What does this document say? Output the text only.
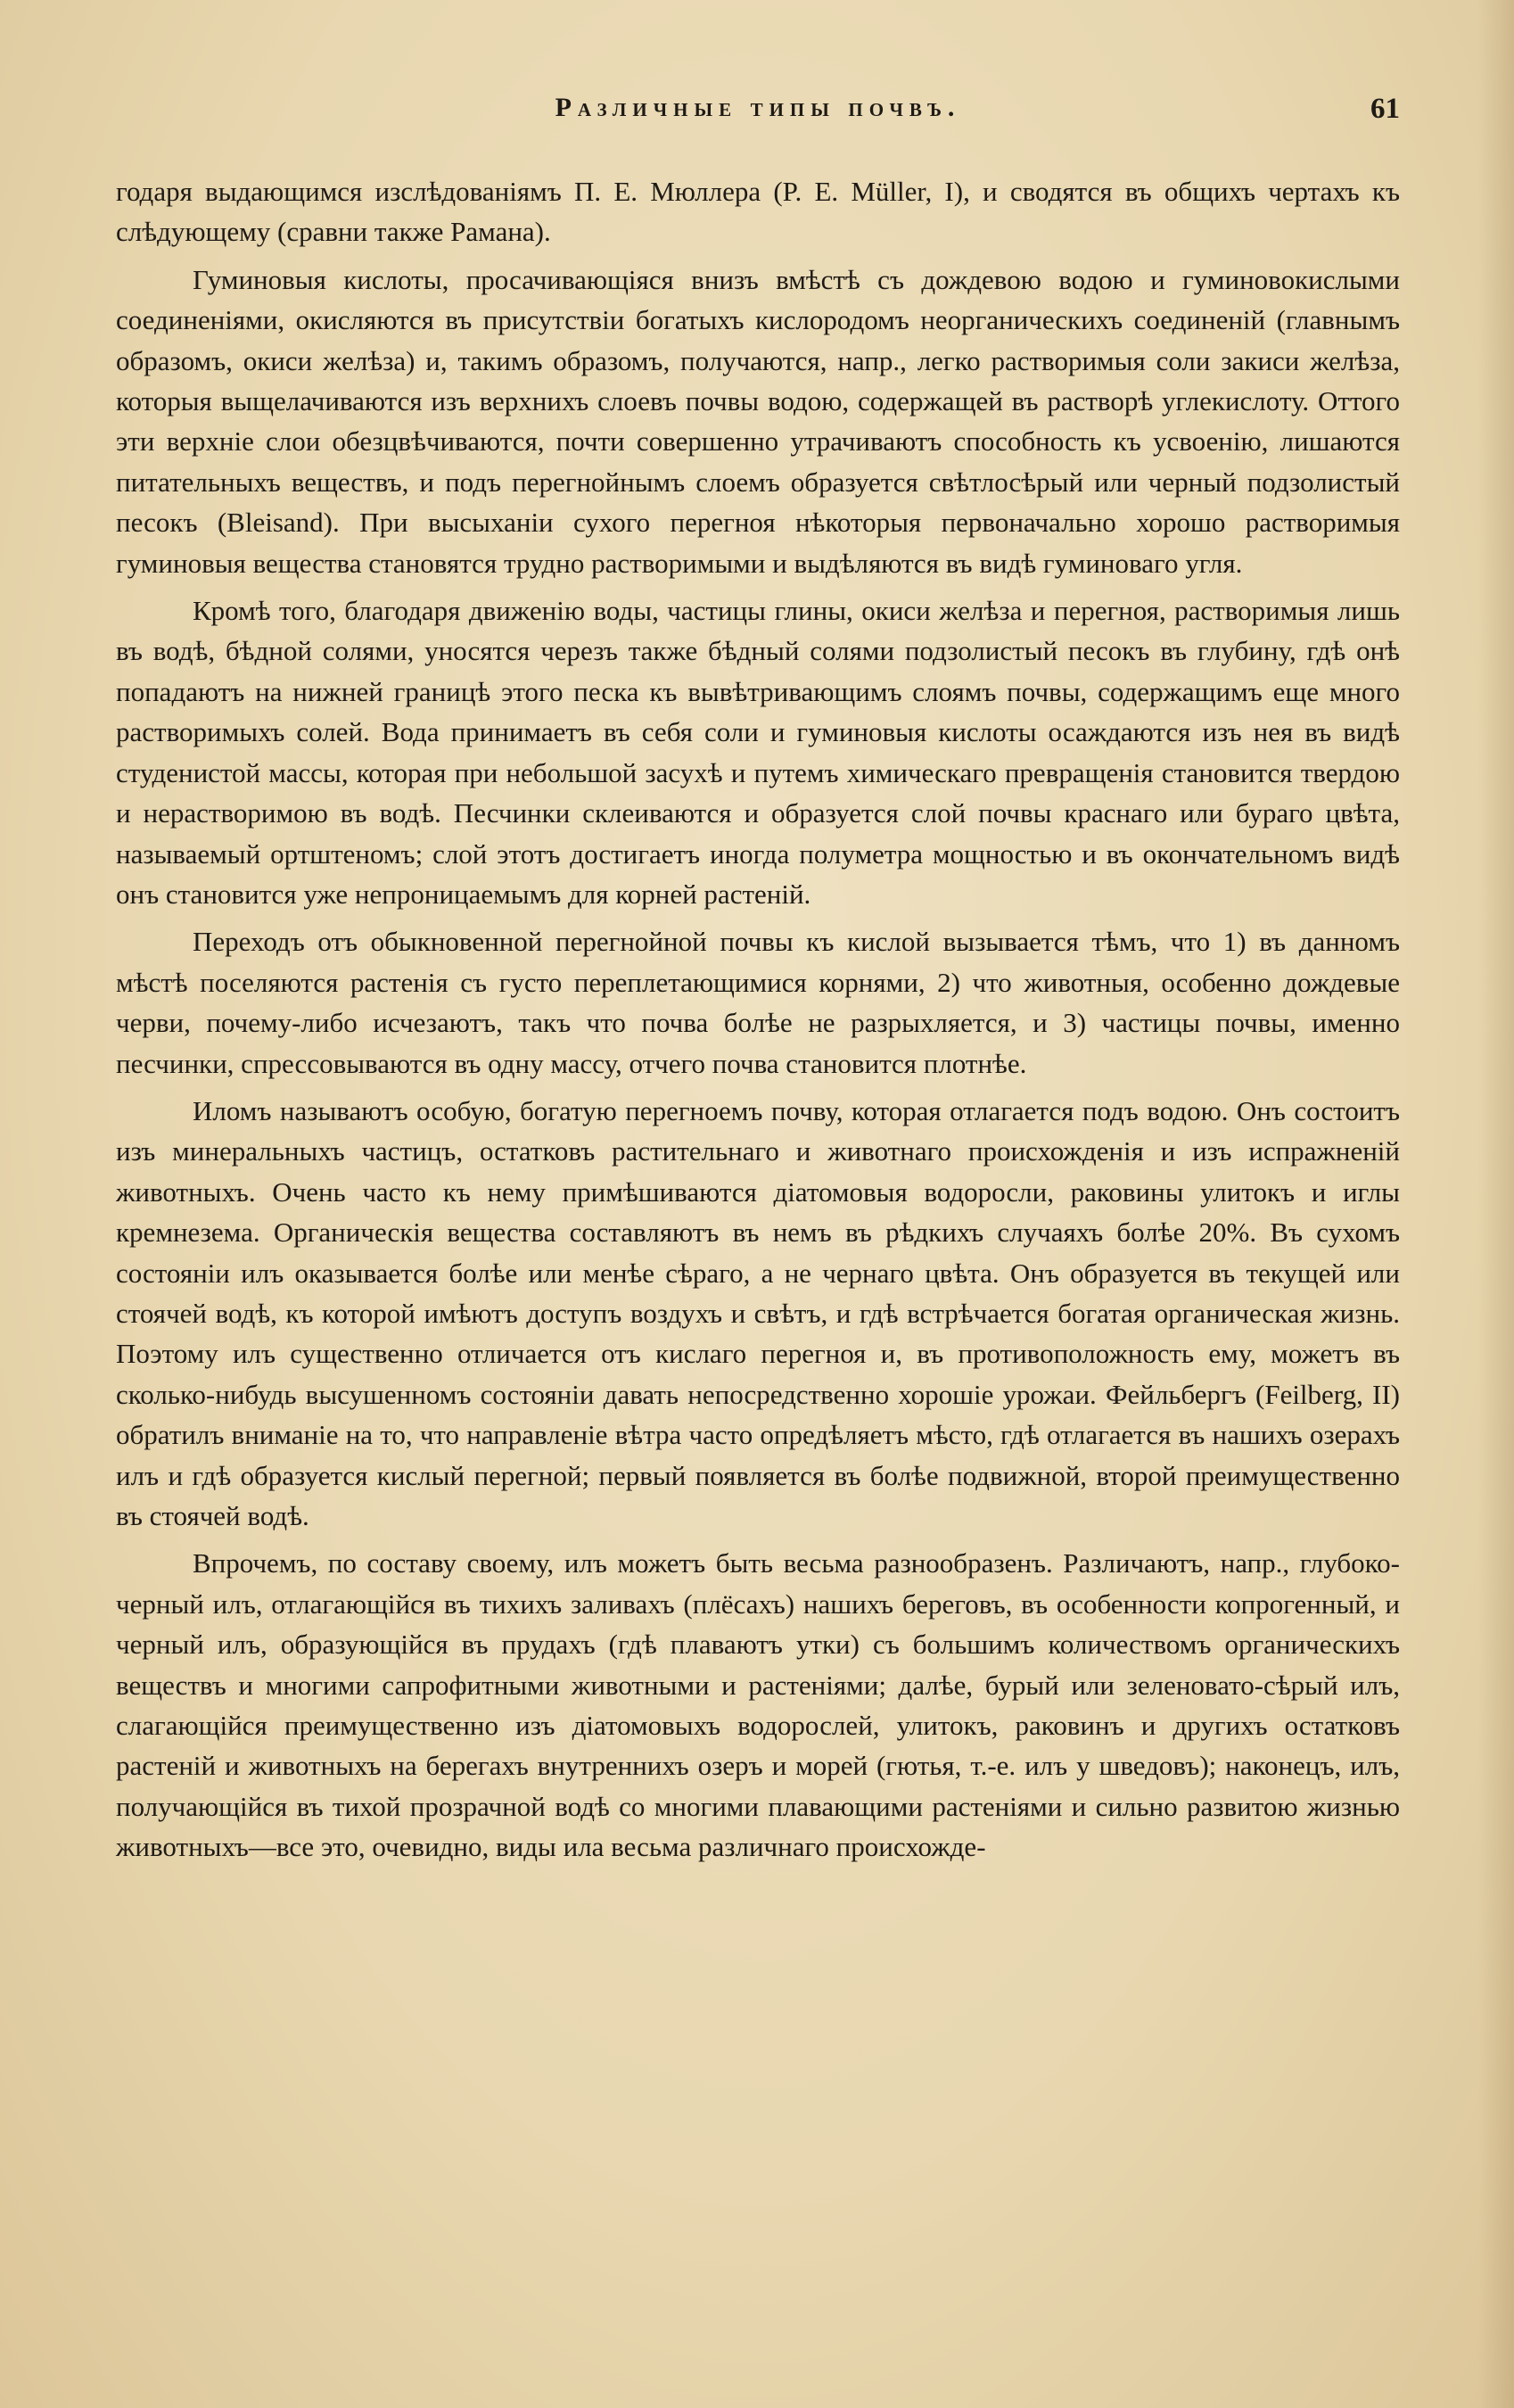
Различные типы почвъ.	61

годаря выдающимся изслѣдованіямъ П. Е. Мюллера (P. E. Müller, I), и сводятся въ общихъ чертахъ къ слѣдующему (сравни также Рамана).

Гуминовыя кислоты, просачивающіяся внизъ вмѣстѣ съ дождевою водою и гуминовокислыми соединеніями, окисляются въ присутствіи богатыхъ кислородомъ неорганическихъ соединеній (главнымъ образомъ, окиси желѣза) и, такимъ образомъ, получаются, напр., легко растворимыя соли закиси желѣза, которыя выщелачиваются изъ верхнихъ слоевъ почвы водою, содержащей въ растворѣ углекислоту. Оттого эти верхніе слои обезцвѣчиваются, почти совершенно утрачиваютъ способность къ усвоенію, лишаются питательныхъ веществъ, и подъ перегнойнымъ слоемъ образуется свѣтлосѣрый или черный подзолистый песокъ (Bleisand). При высыханіи сухого перегноя нѣкоторыя первоначально хорошо растворимыя гуминовыя вещества становятся трудно растворимыми и выдѣляются въ видѣ гуминоваго угля.

Кромѣ того, благодаря движенію воды, частицы глины, окиси желѣза и перегноя, растворимыя лишь въ водѣ, бѣдной солями, уносятся черезъ также бѣдный солями подзолистый песокъ въ глубину, гдѣ онѣ попадаютъ на нижней границѣ этого песка къ вывѣтривающимъ слоямъ почвы, содержащимъ еще много растворимыхъ солей. Вода принимаетъ въ себя соли и гуминовыя кислоты осаждаются изъ нея въ видѣ студенистой массы, которая при небольшой засухѣ и путемъ химическаго превращенія становится твердою и нерастворимою въ водѣ. Песчинки склеиваются и образуется слой почвы краснаго или бураго цвѣта, называемый ортштеномъ; слой этотъ достигаетъ иногда полуметра мощностью и въ окончательномъ видѣ онъ становится уже непроницаемымъ для корней растеній.

Переходъ отъ обыкновенной перегнойной почвы къ кислой вызывается тѣмъ, что 1) въ данномъ мѣстѣ поселяются растенія съ густо переплетающимися корнями, 2) что животныя, особенно дождевые черви, почему-либо исчезаютъ, такъ что почва болѣе не разрыхляется, и 3) частицы почвы, именно песчинки, спрессовываются въ одну массу, отчего почва становится плотнѣе.

Иломъ называютъ особую, богатую перегноемъ почву, которая отлагается подъ водою. Онъ состоитъ изъ минеральныхъ частицъ, остатковъ растительнаго и животнаго происхожденія и изъ испражненій животныхъ. Очень часто къ нему примѣшиваются діатомовыя водоросли, раковины улитокъ и иглы кремнезема. Органическія вещества составляютъ въ немъ въ рѣдкихъ случаяхъ болѣе 20%. Въ сухомъ состояніи илъ оказывается болѣе или менѣе сѣраго, а не чернаго цвѣта. Онъ образуется въ текущей или стоячей водѣ, къ которой имѣютъ доступъ воздухъ и свѣтъ, и гдѣ встрѣчается богатая органическая жизнь. Поэтому илъ существенно отличается отъ кислаго перегноя и, въ противоположность ему, можетъ въ сколько-нибудь высушенномъ состояніи давать непосредственно хорошіе урожаи. Фейльбергъ (Feilberg, II) обратилъ вниманіе на то, что направленіе вѣтра часто опредѣляетъ мѣсто, гдѣ отлагается въ нашихъ озерахъ илъ и гдѣ образуется кислый перегной; первый появляется въ болѣе подвижной, второй преимущественно въ стоячей водѣ.

Впрочемъ, по составу своему, илъ можетъ быть весьма разнообразенъ. Различаютъ, напр., глубоко-черный илъ, отлагающійся въ тихихъ заливахъ (плёсахъ) нашихъ береговъ, въ особенности копрогенный, и черный илъ, образующійся въ прудахъ (гдѣ плаваютъ утки) съ большимъ количествомъ органическихъ веществъ и многими сапрофитными животными и растеніями; далѣе, бурый или зеленовато-сѣрый илъ, слагающійся преимущественно изъ діатомовыхъ водорослей, улитокъ, раковинъ и другихъ остатковъ растеній и животныхъ на берегахъ внутреннихъ озеръ и морей (гютья, т.-е. илъ у шведовъ); наконецъ, илъ, получающійся въ тихой прозрачной водѣ со многими плавающими растеніями и сильно развитою жизнью животныхъ—все это, очевидно, виды ила весьма различнаго происхожде-
